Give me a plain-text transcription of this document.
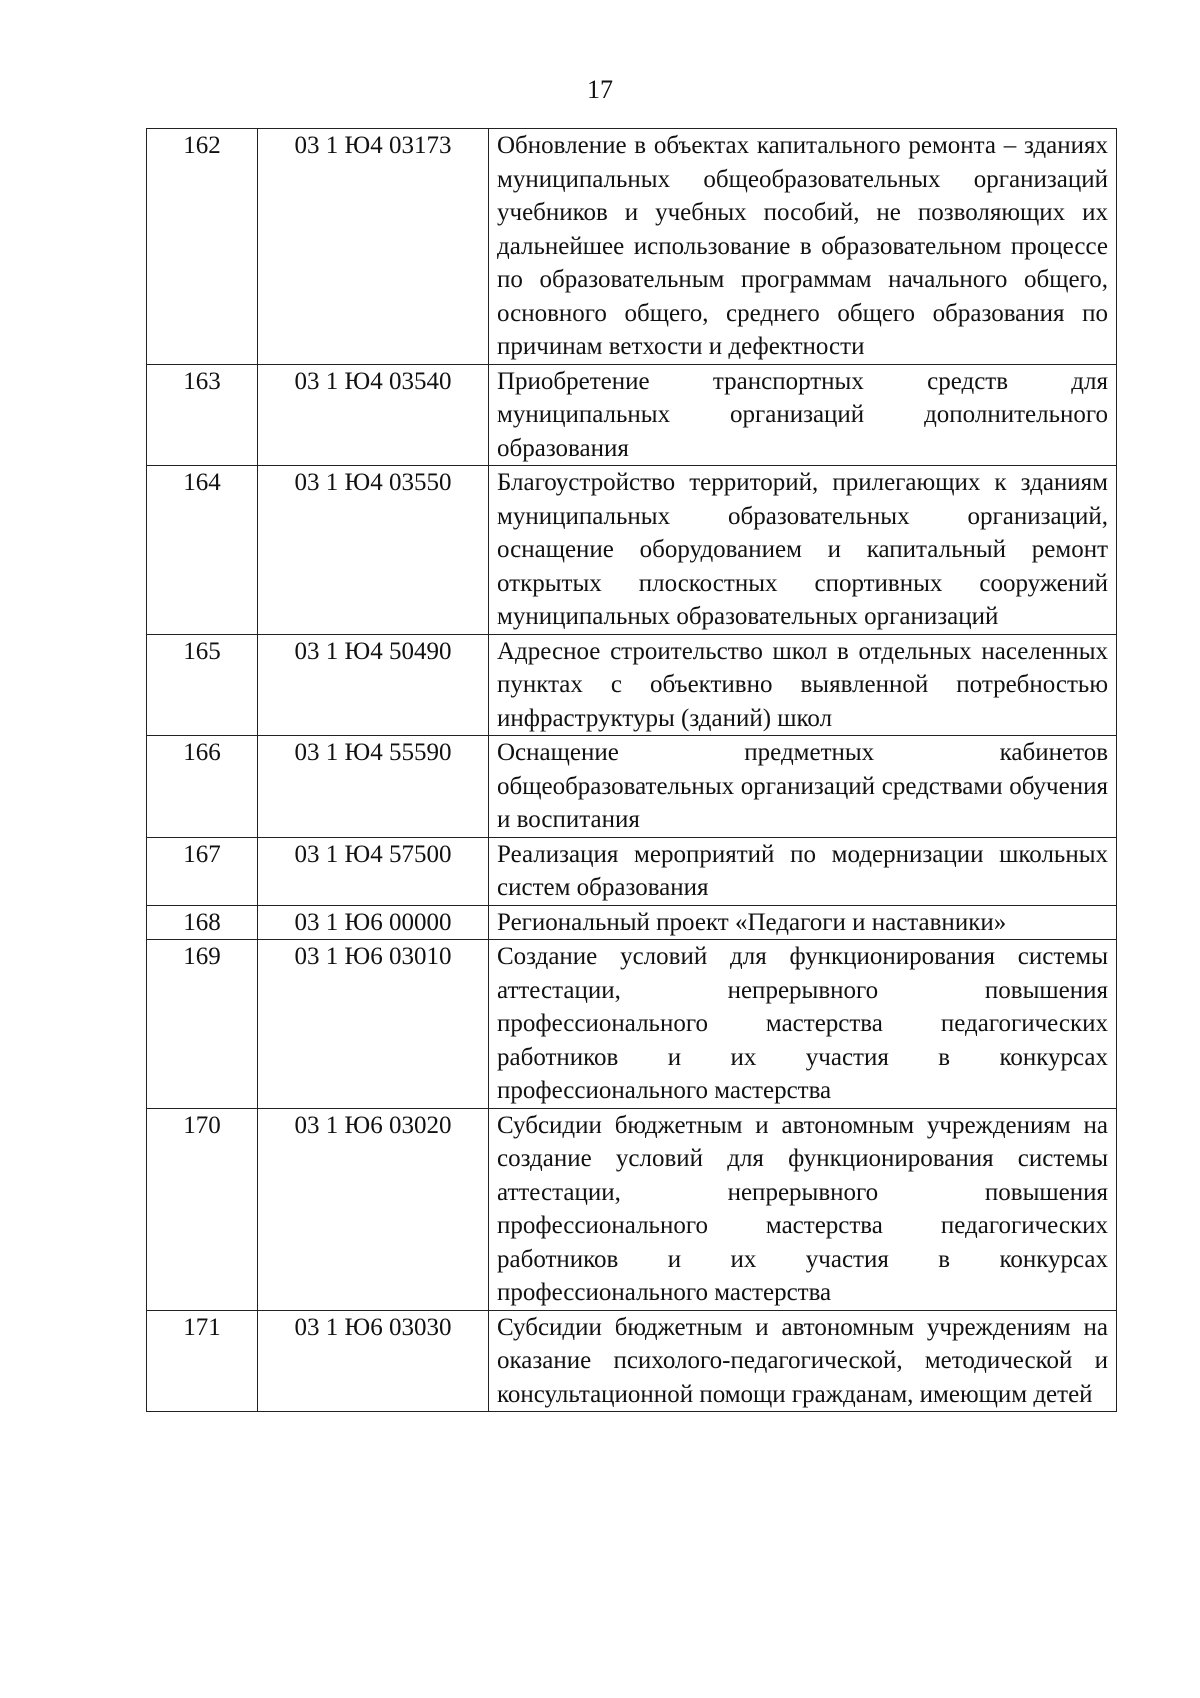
17
162	03 1 Ю4 03173	Обновление в объектах капитального ремонта – зданиях муниципальных общеобразовательных организаций учебников и учебных пособий, не позволяющих их дальнейшее использование в образовательном процессе по образовательным программам начального общего, основного общего, среднего общего образования по причинам ветхости и дефектности
163	03 1 Ю4 03540	Приобретение транспортных средств для муниципальных организаций дополнительного образования
164	03 1 Ю4 03550	Благоустройство территорий, прилегающих к зданиям муниципальных образовательных организаций, оснащение оборудованием и капитальный ремонт открытых плоскостных спортивных сооружений муниципальных образовательных организаций
165	03 1 Ю4 50490	Адресное строительство школ в отдельных населенных пунктах с объективно выявленной потребностью инфраструктуры (зданий) школ
166	03 1 Ю4 55590	Оснащение предметных кабинетов общеобразовательных организаций средствами обучения и воспитания
167	03 1 Ю4 57500	Реализация мероприятий по модернизации школьных систем образования
168	03 1 Ю6 00000	Региональный проект «Педагоги и наставники»
169	03 1 Ю6 03010	Создание условий для функционирования системы аттестации, непрерывного повышения профессионального мастерства педагогических работников и их участия в конкурсах профессионального мастерства
170	03 1 Ю6 03020	Субсидии бюджетным и автономным учреждениям на создание условий для функционирования системы аттестации, непрерывного повышения профессионального мастерства педагогических работников и их участия в конкурсах профессионального мастерства
171	03 1 Ю6 03030	Субсидии бюджетным и автономным учреждениям на оказание психолого-педагогической, методической и консультационной помощи гражданам, имеющим детей
